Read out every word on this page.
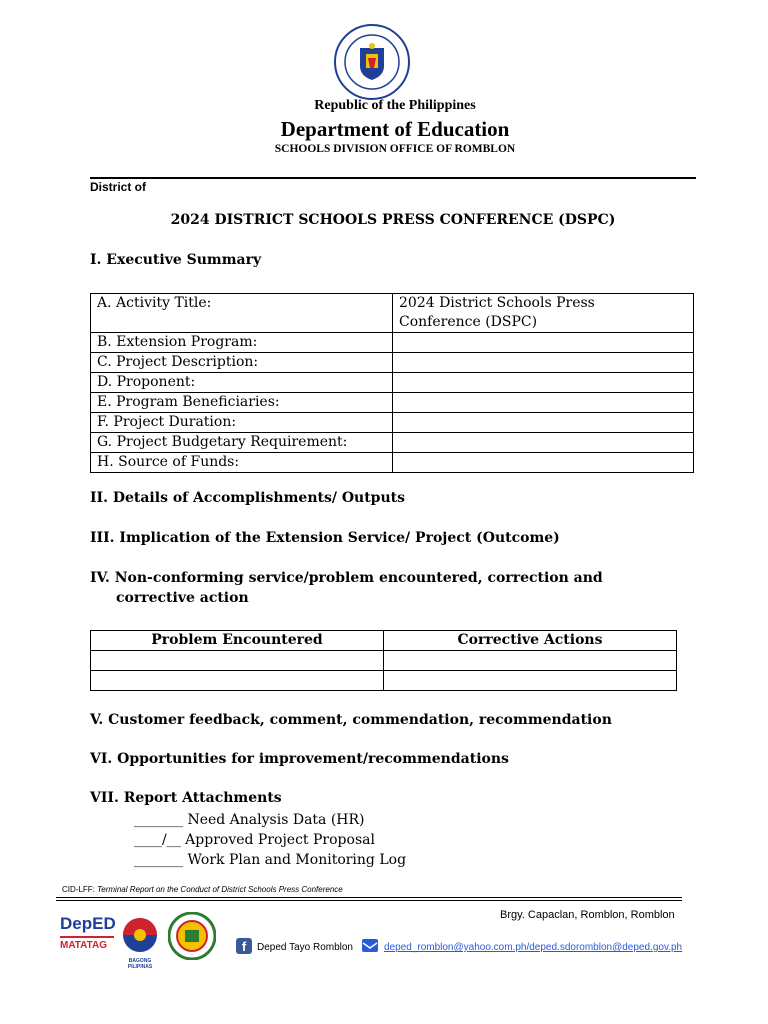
Republic of the Philippines
Department of Education
SCHOOLS DIVISION OFFICE OF ROMBLON
District of
2024 DISTRICT SCHOOLS PRESS CONFERENCE (DSPC)
I. Executive Summary
A. Activity Title:	2024 District Schools Press
Conference (DSPC)

B. Extension Program:	
C. Project Description:	
D. Proponent:	
E. Program Beneficiaries:	
F. Project Duration:	
G. Project Budgetary Requirement:	
H. Source of Funds:	
II. Details of Accomplishments/ Outputs
III. Implication of the Extension Service/ Project (Outcome)
IV. Non-conforming service/problem encountered, correction and
corrective action
Problem Encountered	Corrective Actions

V. Customer feedback, comment, commendation, recommendation
VI. Opportunities for improvement/recommendations
VII. Report Attachments
_______ Need Analysis Data (HR)
____/__ Approved Project Proposal
_______ Work Plan and Monitoring Log
CID-LFF: Terminal Report on the Conduct of District Schools Press Conference
DepED
MATATAG
BAGONG PILIPINAS
Brgy. Capaclan, Romblon, Romblon
f	Deped Tayo Romblon	deped_romblon@yahoo.com.ph/deped.sdoromblon@deped.gov.ph
